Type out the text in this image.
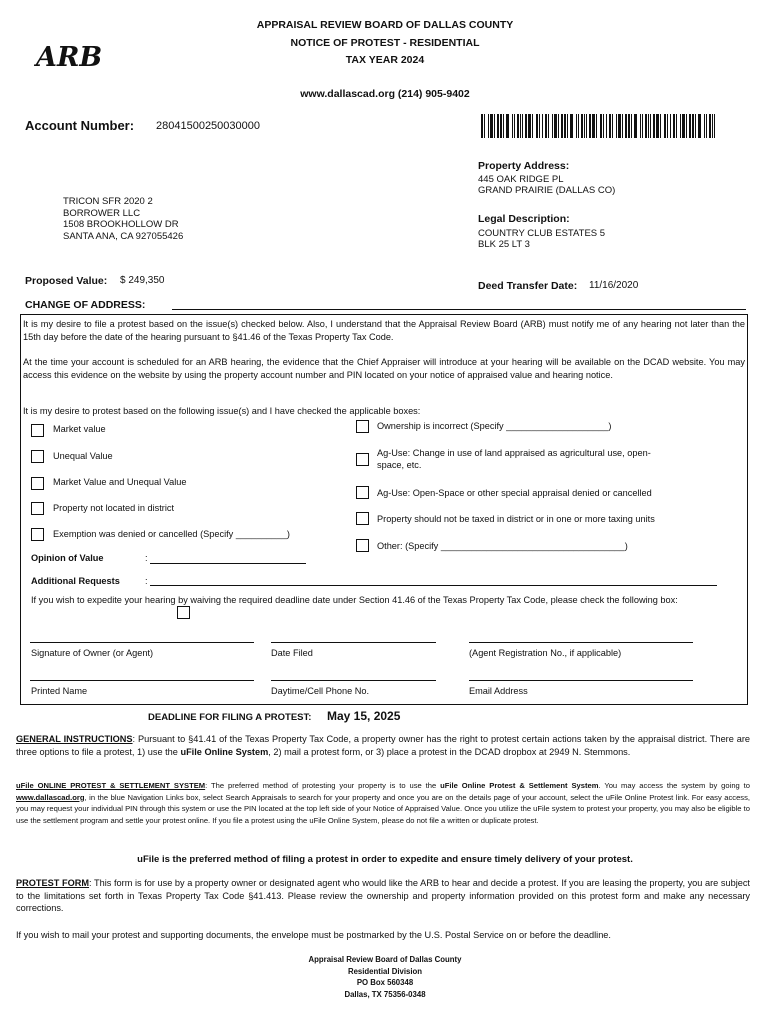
APPRAISAL REVIEW BOARD OF DALLAS COUNTY
NOTICE OF PROTEST - RESIDENTIAL
TAX YEAR 2024
www.dallascad.org (214) 905-9402
ARB
Account Number: 28041500250030000
Property Address:
445 OAK RIDGE PL
GRAND PRAIRIE (DALLAS CO)
TRICON SFR 2020 2
BORROWER LLC
1508 BROOKHOLLOW DR
SANTA ANA, CA 927055426
Legal Description:
COUNTRY CLUB ESTATES 5
BLK 25 LT 3
Proposed Value: $ 249,350	Deed Transfer Date: 11/16/2020
CHANGE OF ADDRESS:
It is my desire to file a protest based on the issue(s) checked below. Also, I understand that the Appraisal Review Board (ARB) must notify me of any hearing not later than the 15th day before the date of the hearing pursuant to §41.46 of the Texas Property Tax Code.
At the time your account is scheduled for an ARB hearing, the evidence that the Chief Appraiser will introduce at your hearing will be available on the DCAD website. You may access this evidence on the website by using the property account number and PIN located on your notice of appraised value and hearing notice.
It is my desire to protest based on the following issue(s) and I have checked the applicable boxes:
Market value
Unequal Value
Market Value and Unequal Value
Property not located in district
Exemption was denied or cancelled (Specify __________)
Ownership is incorrect (Specify ____________________)
Ag-Use: Change in use of land appraised as agricultural use, open-space, etc.
Ag-Use: Open-Space or other special appraisal denied or cancelled
Property should not be taxed in district or in one or more taxing units
Other: (Specify ____________________________________)
Opinion of Value	:
Additional Requests	:
If you wish to expedite your hearing by waiving the required deadline date under Section 41.46 of the Texas Property Tax Code, please check the following box:
Signature of Owner (or Agent)	Date Filed	(Agent Registration No., if applicable)
Printed Name	Daytime/Cell Phone No.	Email Address
DEADLINE FOR FILING A PROTEST: May 15, 2025
GENERAL INSTRUCTIONS: Pursuant to §41.41 of the Texas Property Tax Code, a property owner has the right to protest certain actions taken by the appraisal district. There are three options to file a protest, 1) use the uFile Online System, 2) mail a protest form, or 3) place a protest in the DCAD dropbox at 2949 N. Stemmons.
uFile ONLINE PROTEST & SETTLEMENT SYSTEM: The preferred method of protesting your property is to use the uFile Online Protest & Settlement System. You may access the system by going to www.dallascad.org, in the blue Navigation Links box, select Search Appraisals to search for your property and once you are on the details page of your account, select the uFile Online Protest link. For easy access, you may request your individual PIN through this system or use the PIN located at the top left side of your Notice of Appraised Value. Once you utilize the uFile system to protest your property, you may also be eligible to use the settlement program and settle your protest online. If you file a protest using the uFile Online System, please do not file a written or duplicate protest.
uFile is the preferred method of filing a protest in order to expedite and ensure timely delivery of your protest.
PROTEST FORM: This form is for use by a property owner or designated agent who would like the ARB to hear and decide a protest. If you are leasing the property, you are subject to the limitations set forth in Texas Property Tax Code §41.413. Please review the ownership and property information provided on this protest form and make any necessary corrections.
If you wish to mail your protest and supporting documents, the envelope must be postmarked by the U.S. Postal Service on or before the deadline.
Appraisal Review Board of Dallas County
Residential Division
PO Box 560348
Dallas, TX 75356-0348
